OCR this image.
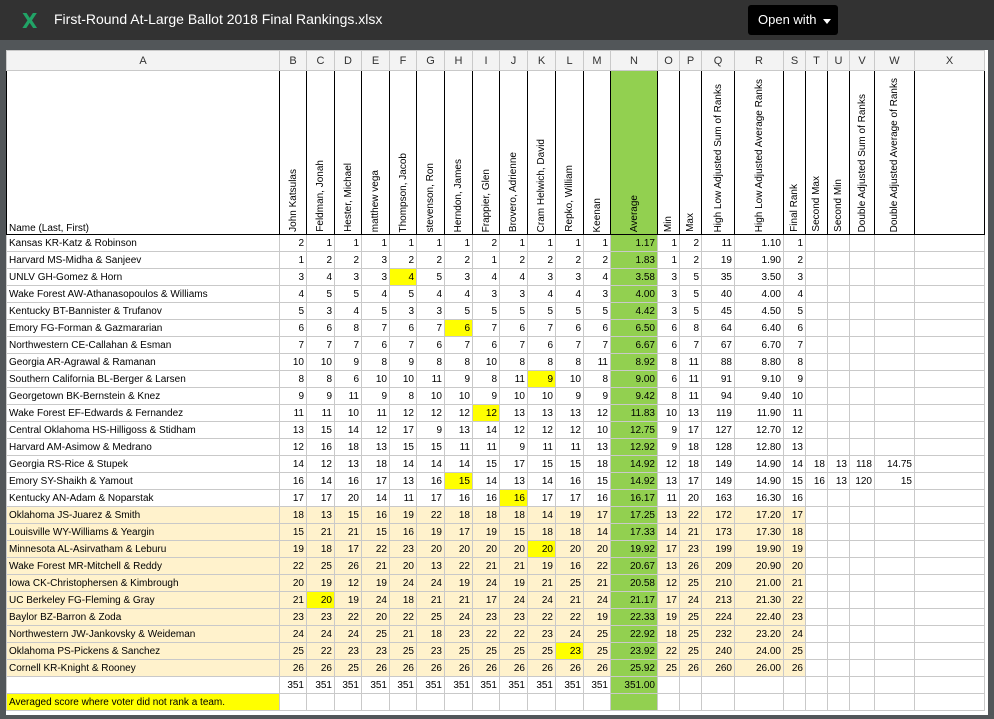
X First-Round At-Large Ballot 2018 Final Rankings.xlsx	Open with
A	B	C	D	E	F	G	H	I	J	K	L	M	N	O	P	Q	R	S	T	U	V	W	X
Name (Last, First)	John Katsulas	Feldman, Jonah	Hester, Michael	matthew vega	Thompson, Jacob	stevenson, Ron	Herndon, James	Frappier, Glen	Brovero, Adrienne	Cram Helwich, David	Repko, William	Keenan	Average	Min	Max	High Low Adjusted Sum of Ranks	High Low Adjusted Average Ranks	Final Rank	Second Max	Second Min	Double Adjusted Sum of Ranks	Double Adjusted Average of Ranks	

Kansas KR-Katz & Robinson	2	1	1	1	1	1	1	2	1	1	1	1	1.17	1	2	11	1.10	1					
Harvard MS-Midha & Sanjeev	1	2	2	3	2	2	2	1	2	2	2	2	1.83	1	2	19	1.90	2					
UNLV GH-Gomez & Horn	3	4	3	3	4	5	3	4	4	3	3	4	3.58	3	5	35	3.50	3					
Wake Forest AW-Athanasopoulos & Williams	4	5	5	4	5	4	4	3	3	4	4	3	4.00	3	5	40	4.00	4					
Kentucky BT-Bannister & Trufanov	5	3	4	5	3	3	5	5	5	5	5	5	4.42	3	5	45	4.50	5					
Emory FG-Forman & Gazmararian	6	6	8	7	6	7	6	7	6	7	6	6	6.50	6	8	64	6.40	6					
Northwestern CE-Callahan & Esman	7	7	7	6	7	6	7	6	7	6	7	7	6.67	6	7	67	6.70	7					
Georgia AR-Agrawal & Ramanan	10	10	9	8	9	8	8	10	8	8	8	11	8.92	8	11	88	8.80	8					
Southern California BL-Berger & Larsen	8	8	6	10	10	11	9	8	11	9	10	8	9.00	6	11	91	9.10	9					
Georgetown BK-Bernstein & Knez	9	9	11	9	8	10	10	9	10	10	9	9	9.42	8	11	94	9.40	10					
Wake Forest EF-Edwards & Fernandez	11	11	10	11	12	12	12	12	13	13	13	12	11.83	10	13	119	11.90	11					
Central Oklahoma HS-Hilligoss & Stidham	13	15	14	12	17	9	13	14	12	12	12	10	12.75	9	17	127	12.70	12					
Harvard AM-Asimow & Medrano	12	16	18	13	15	15	11	11	9	11	11	13	12.92	9	18	128	12.80	13					
Georgia RS-Rice & Stupek	14	12	13	18	14	14	14	15	17	15	15	18	14.92	12	18	149	14.90	14	18	13	118	14.75	
Emory SY-Shaikh & Yamout	16	14	16	17	13	16	15	14	13	14	16	15	14.92	13	17	149	14.90	15	16	13	120	15	
Kentucky AN-Adam & Noparstak	17	17	20	14	11	17	16	16	16	17	17	16	16.17	11	20	163	16.30	16					
Oklahoma JS-Juarez & Smith	18	13	15	16	19	22	18	18	18	14	19	17	17.25	13	22	172	17.20	17					
Louisville WY-Williams & Yeargin	15	21	21	15	16	19	17	19	15	18	18	14	17.33	14	21	173	17.30	18					
Minnesota AL-Asirvatham & Leburu	19	18	17	22	23	20	20	20	20	20	20	20	19.92	17	23	199	19.90	19					
Wake Forest MR-Mitchell & Reddy	22	25	26	21	20	13	22	21	21	19	16	22	20.67	13	26	209	20.90	20					
Iowa CK-Christophersen & Kimbrough	20	19	12	19	24	24	19	24	19	21	25	21	20.58	12	25	210	21.00	21					
UC Berkeley FG-Fleming & Gray	21	20	19	24	18	21	21	17	24	24	21	24	21.17	17	24	213	21.30	22					
Baylor BZ-Barron & Zoda	23	23	22	20	22	25	24	23	23	22	22	19	22.33	19	25	224	22.40	23					
Northwestern JW-Jankovsky & Weideman	24	24	24	25	21	18	23	22	22	23	24	25	22.92	18	25	232	23.20	24					
Oklahoma PS-Pickens & Sanchez	25	22	23	23	25	23	25	25	25	25	23	25	23.92	22	25	240	24.00	25					
Cornell KR-Knight & Rooney	26	26	25	26	26	26	26	26	26	26	26	26	25.92	25	26	260	26.00	26					
	351	351	351	351	351	351	351	351	351	351	351	351	351.00										
Averaged score where voter did not rank a team.																							
